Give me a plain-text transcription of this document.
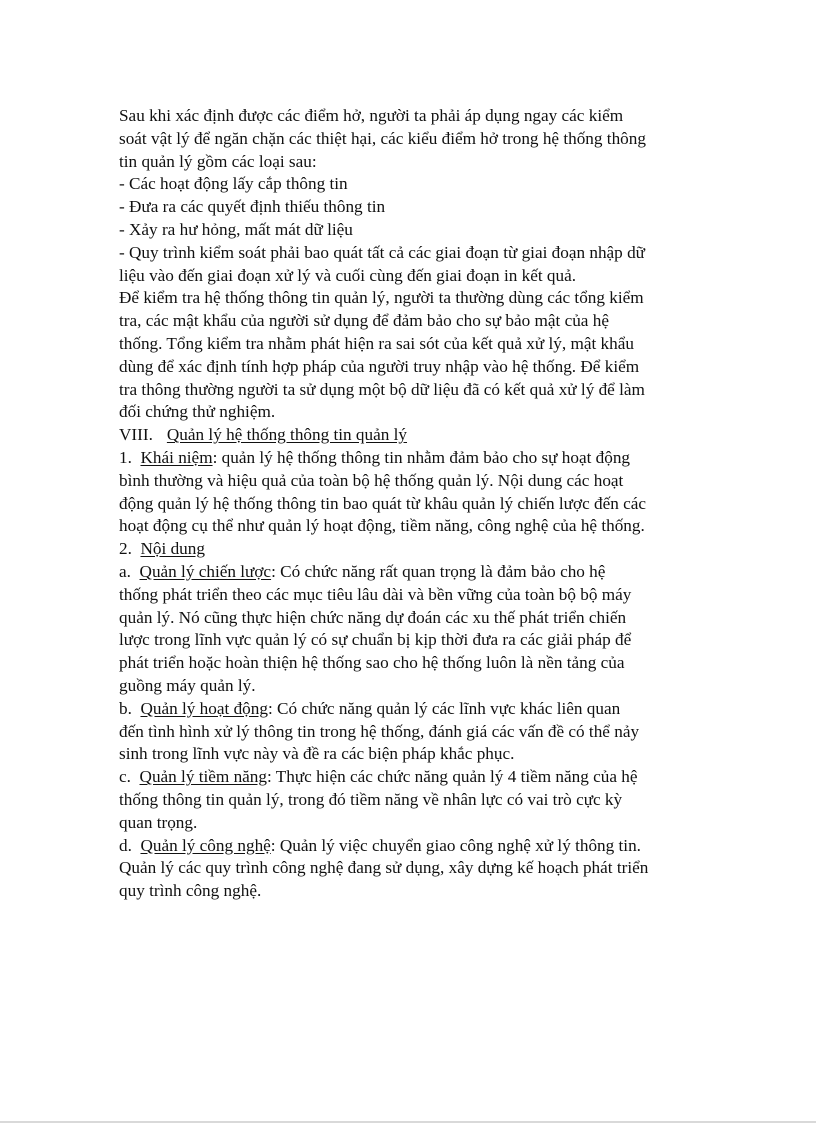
Sau khi xác định được các điểm hở, người ta phải áp dụng ngay các kiểm
soát vật lý để ngăn chặn các thiệt hại, các kiểu điểm hở trong hệ thống thông
tin quản lý gồm các loại sau:
- Các hoạt động lấy cắp thông tin
- Đưa ra các quyết định thiếu thông tin
- Xảy ra hư hỏng, mất mát dữ liệu
- Quy trình kiểm soát phải bao quát tất cả các giai đoạn từ giai đoạn nhập dữ
liệu vào đến giai đoạn xử lý và cuối cùng đến giai đoạn in kết quả.
Để kiểm tra hệ thống thông tin quản lý, người ta thường dùng các tổng kiểm
tra, các mật khẩu của người sử dụng để đảm bảo cho sự bảo mật của hệ
thống. Tổng kiểm tra nhằm phát hiện ra sai sót của kết quả xử lý, mật khẩu
dùng để xác định tính hợp pháp của người truy nhập vào hệ thống. Để kiểm
tra thông thường người ta sử dụng một bộ dữ liệu đã có kết quả xử lý để làm
đối chứng thử nghiệm.
VIII. Quản lý hệ thống thông tin quản lý
1. Khái niệm: quản lý hệ thống thông tin nhằm đảm bảo cho sự hoạt động
bình thường và hiệu quả của toàn bộ hệ thống quản lý. Nội dung các hoạt
động quản lý hệ thống thông tin bao quát từ khâu quản lý chiến lược đến các
hoạt động cụ thể như quản lý hoạt động, tiềm năng, công nghệ của hệ thống.
2. Nội dung
a. Quản lý chiến lược: Có chức năng rất quan trọng là đảm bảo cho hệ
thống phát triển theo các mục tiêu lâu dài và bền vững của toàn bộ bộ máy
quản lý. Nó cũng thực hiện chức năng dự đoán các xu thế phát triển chiến
lược trong lĩnh vực quản lý có sự chuẩn bị kịp thời đưa ra các giải pháp để
phát triển hoặc hoàn thiện hệ thống sao cho hệ thống luôn là nền tảng của
guồng máy quản lý.
b. Quản lý hoạt động: Có chức năng quản lý các lĩnh vực khác liên quan
đến tình hình xử lý thông tin trong hệ thống, đánh giá các vấn đề có thể nảy
sinh trong lĩnh vực này và đề ra các biện pháp khắc phục.
c. Quản lý tiềm năng: Thực hiện các chức năng quản lý 4 tiềm năng của hệ
thống thông tin quản lý, trong đó tiềm năng về nhân lực có vai trò cực kỳ
quan trọng.
d. Quản lý công nghệ: Quản lý việc chuyển giao công nghệ xử lý thông tin.
Quản lý các quy trình công nghệ đang sử dụng, xây dựng kế hoạch phát triển
quy trình công nghệ.
